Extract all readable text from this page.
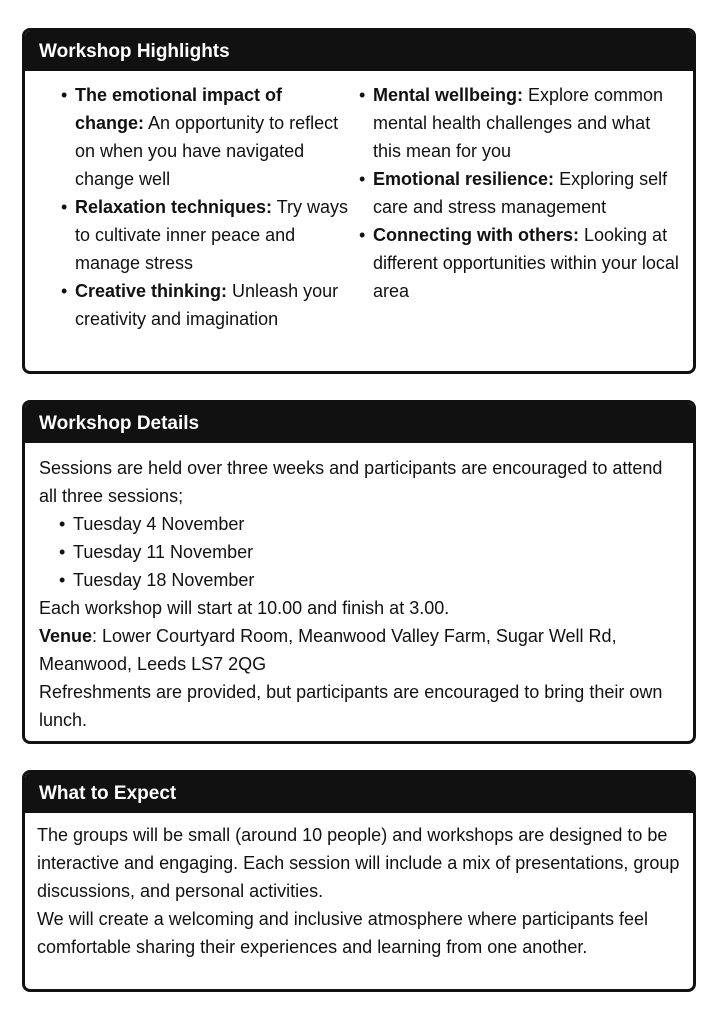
Workshop Highlights
• The emotional impact of change: An opportunity to reflect on when you have navigated change well
• Relaxation techniques: Try ways to cultivate inner peace and manage stress
• Creative thinking: Unleash your creativity and imagination
• Mental wellbeing: Explore common mental health challenges and what this mean for you
• Emotional resilience: Exploring self care and stress management
• Connecting with others: Looking at different opportunities within your local area
Workshop Details

Sessions are held over three weeks and participants are encouraged to attend all three sessions;

• Tuesday 4 November
• Tuesday 11 November
• Tuesday 18 November

Each workshop will start at 10.00 and finish at 3.00.

Venue: Lower Courtyard Room, Meanwood Valley Farm, Sugar Well Rd, Meanwood, Leeds LS7 2QG

Refreshments are provided, but participants are encouraged to bring their own lunch.

What to Expect

The groups will be small (around 10 people) and workshops are designed to be interactive and engaging. Each session will include a mix of presentations, group discussions, and personal activities.

We will create a welcoming and inclusive atmosphere where participants feel comfortable sharing their experiences and learning from one another.
